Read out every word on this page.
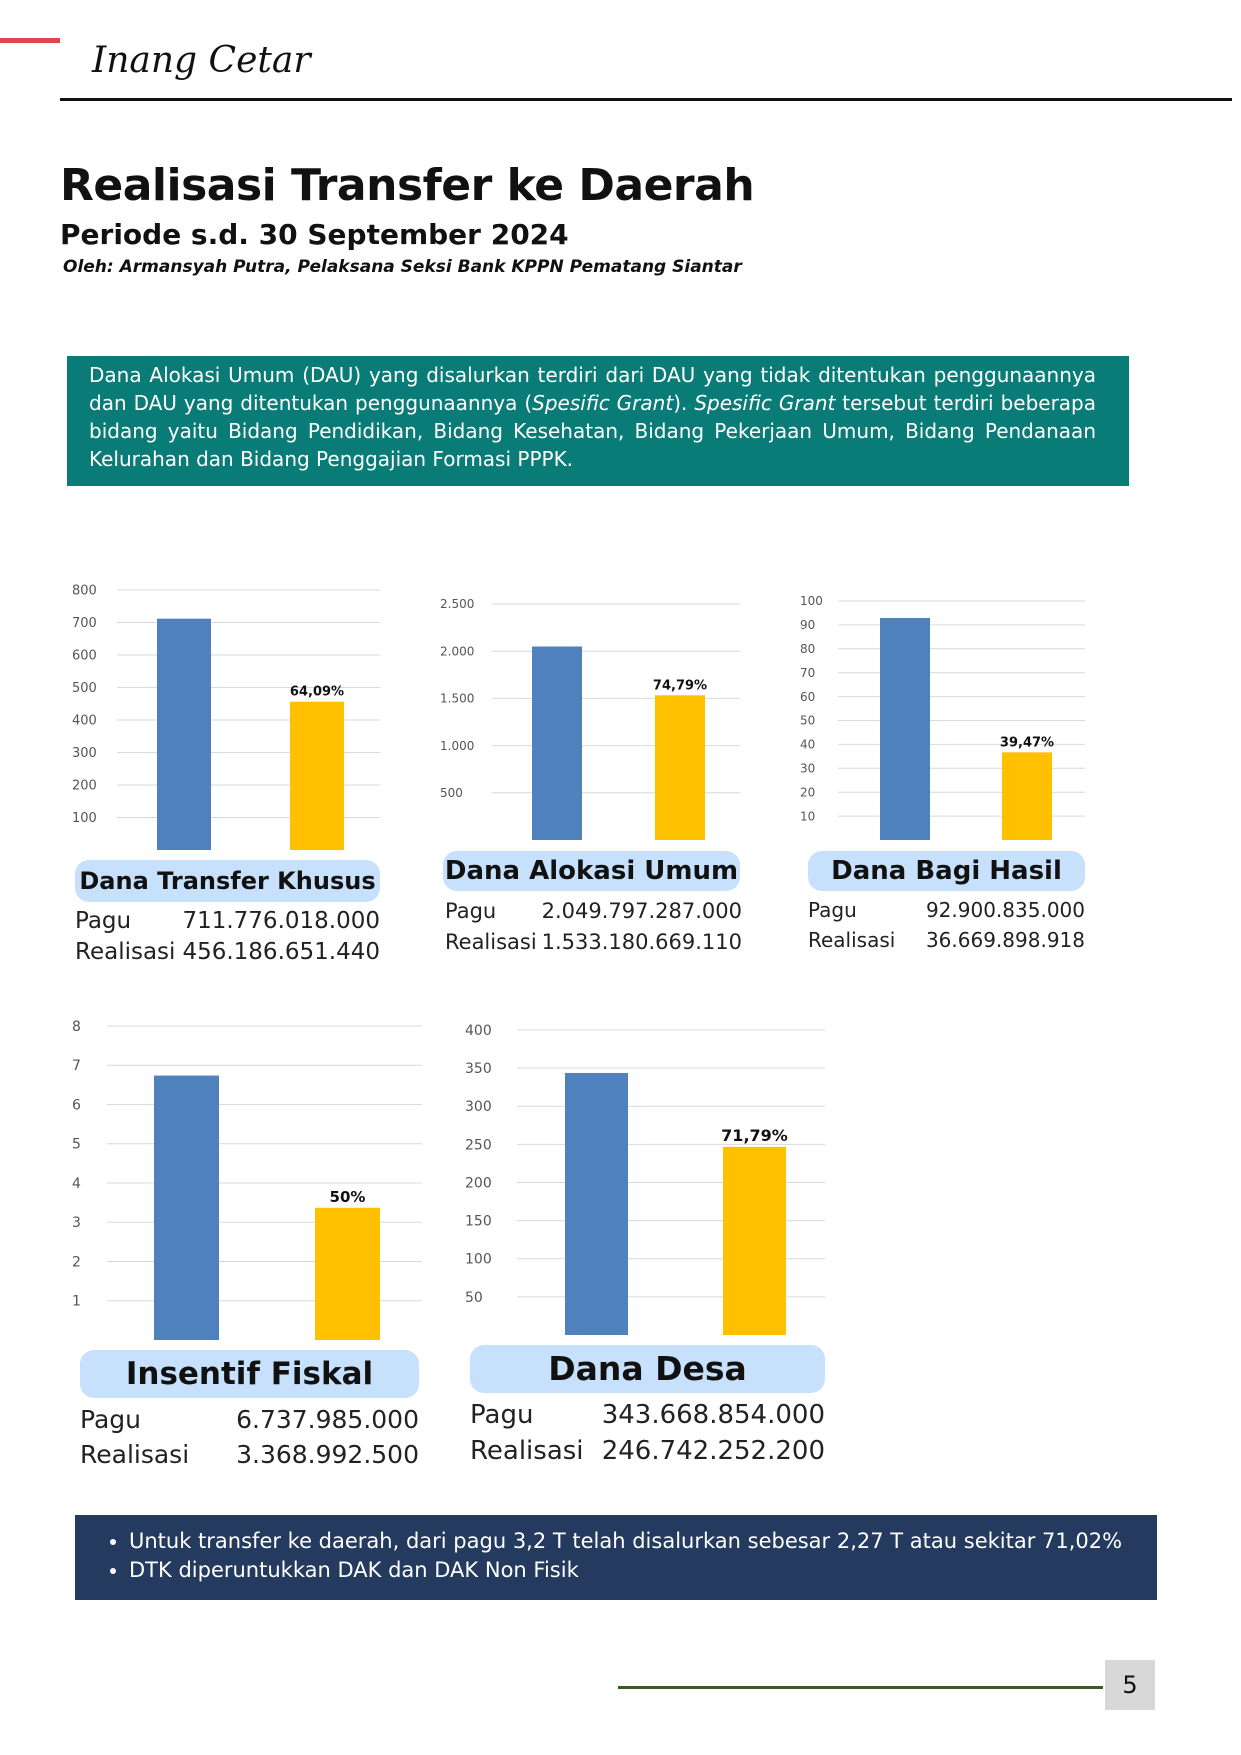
Inang Cetar
Realisasi Transfer ke Daerah
Periode s.d. 30 September 2024
Oleh: Armansyah Putra, Pelaksana Seksi Bank KPPN Pematang Siantar
Dana Alokasi Umum (DAU) yang disalurkan terdiri dari DAU yang tidak ditentukan penggunaannya dan DAU yang ditentukan penggunaannya (Spesific Grant). Spesific Grant tersebut terdiri beberapa bidang yaitu Bidang Pendidikan, Bidang Kesehatan, Bidang Pekerjaan Umum, Bidang Pendanaan Kelurahan dan Bidang Penggajian Formasi PPPK.
100
200
300
400
500
600
700
800
64,09%
Dana Transfer Khusus
Pagu 711.776.018.000
Realisasi 456.186.651.440
500
1.000
1.500
2.000
2.500
74,79%
Dana Alokasi Umum
Pagu 2.049.797.287.000
Realisasi 1.533.180.669.110
10
20
30
40
50
60
70
80
90
100
39,47%
Dana Bagi Hasil
Pagu	92.900.835.000
Realisasi 36.669.898.918
1
2
3
4
5
6
7
8
50%
Insentif Fiskal
Pagu	6.737.985.000
Realisasi 3.368.992.500
50
100
150
200
250
300
350
400
71,79%
Dana Desa
Pagu	343.668.854.000
Realisasi 246.742.252.200
• Untuk transfer ke daerah, dari pagu 3,2 T telah disalurkan sebesar 2,27 T atau sekitar 71,02%
• DTK diperuntukkan DAK dan DAK Non Fisik
5
